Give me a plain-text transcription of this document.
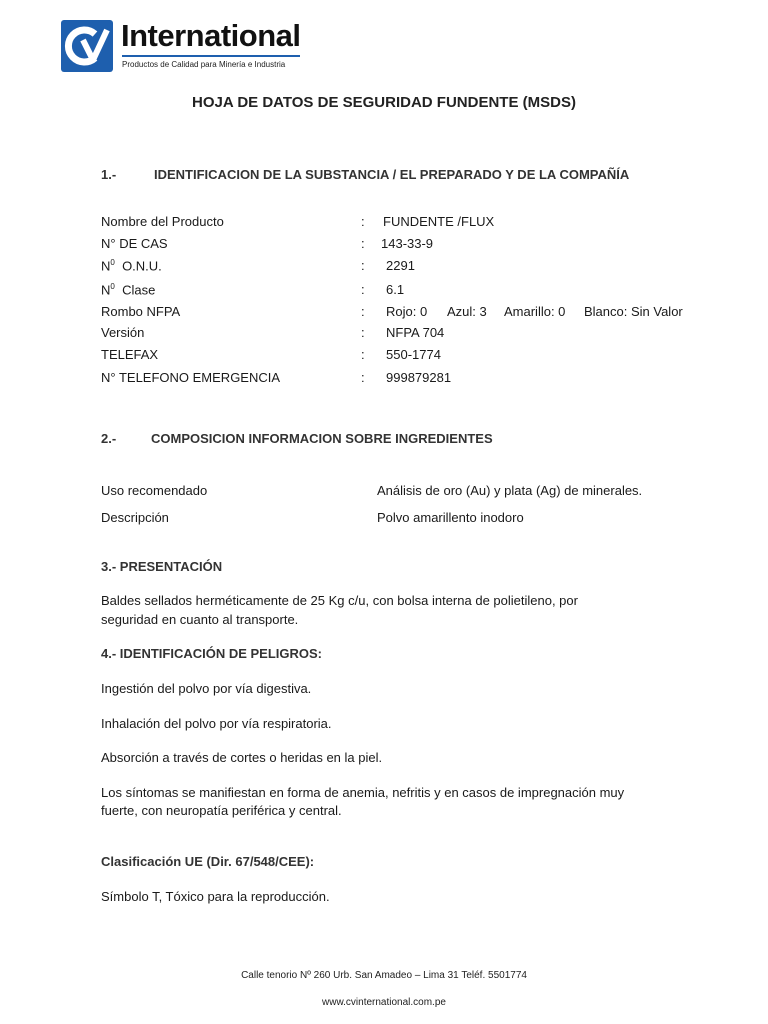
International
Productos de Calidad para Minería e Industria
HOJA DE DATOS DE SEGURIDAD FUNDENTE (MSDS)
1.-	IDENTIFICACION DE LA SUBSTANCIA / EL PREPARADO Y DE LA COMPAÑÍA
Nombre del Producto	: FUNDENTE /FLUX
N° DE CAS	: 143-33-9
$N^0$  O.N.U.	: 2291
$N^0$  Clase	: 6.1
Rombo NFPA	: Rojo: 0 Azul: 3 Amarillo: 0 Blanco: Sin Valor
Versión	: NFPA 704
TELEFAX	: 550-1774
N° TELEFONO EMERGENCIA	: 999879281
2.-	COMPOSICION INFORMACION SOBRE INGREDIENTES
Uso recomendado	Análisis de oro (Au) y plata (Ag) de minerales.
Descripción	Polvo amarillento inodoro
3.- PRESENTACIÓN
Baldes sellados herméticamente de 25 Kg c/u, con bolsa interna de polietileno, por
seguridad en cuanto al transporte.
4.- IDENTIFICACIÓN DE PELIGROS:
Ingestión del polvo por vía digestiva.
Inhalación del polvo por vía respiratoria.
Absorción a través de cortes o heridas en la piel.
Los síntomas se manifiestan en forma de anemia, nefritis y en casos de impregnación muy
fuerte, con neuropatía periférica y central.
Clasificación UE (Dir. 67/548/CEE):
Símbolo T, Tóxico para la reproducción.
Calle tenorio Nº 260 Urb. San Amadeo – Lima 31 Teléf. 5501774
www.cvinternational.com.pe
